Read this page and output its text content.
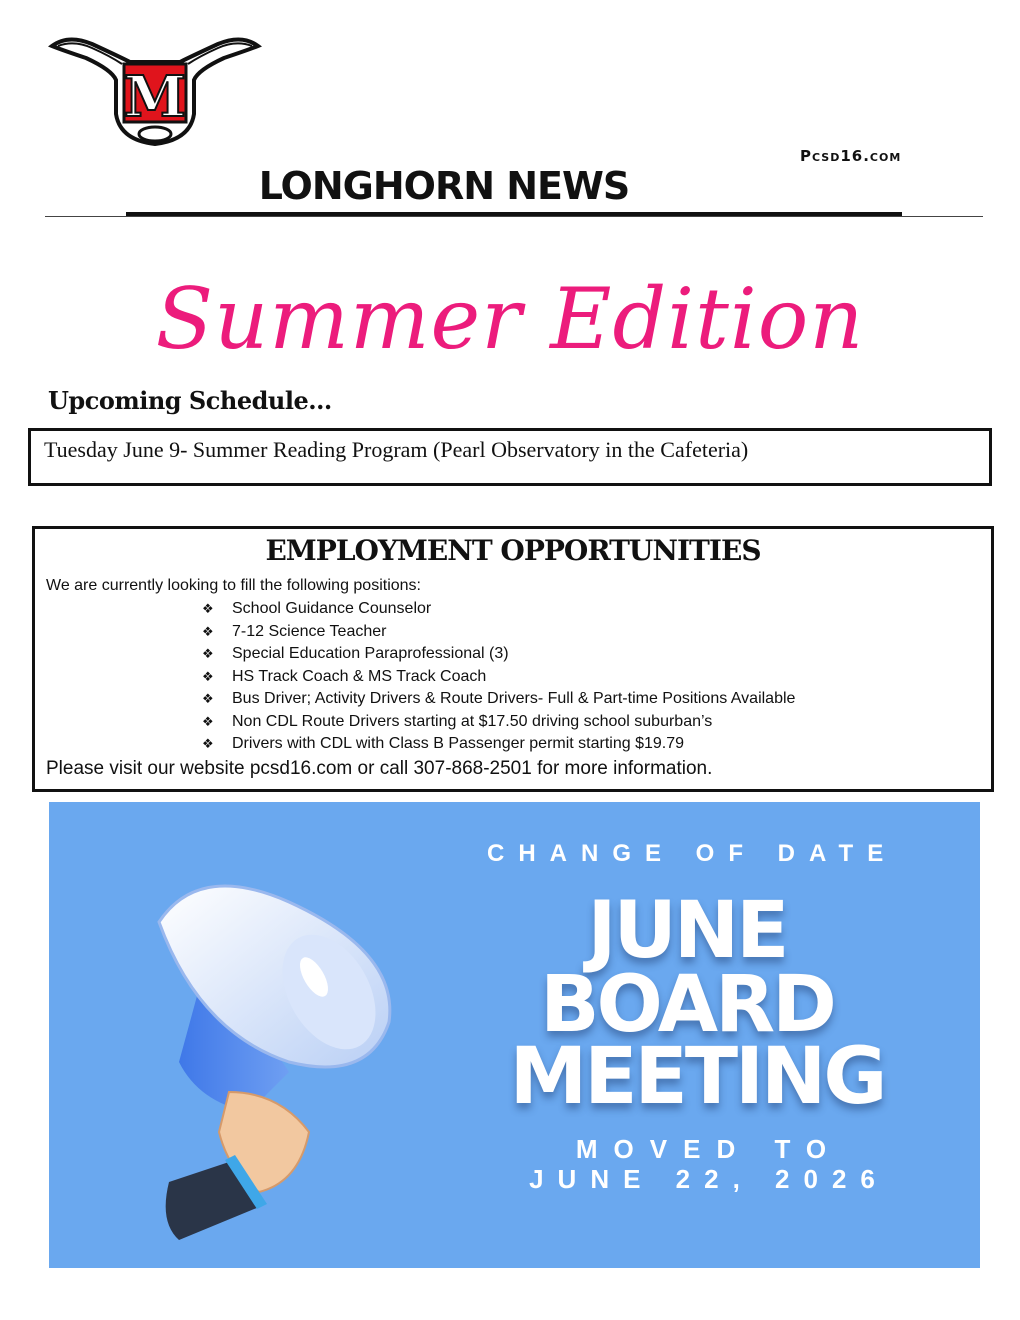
M
Pcsd16.com
LONGHORN NEWS
Summer Edition
Upcoming Schedule…
Tuesday June 9- Summer Reading Program (Pearl Observatory in the Cafeteria)
EMPLOYMENT OPPORTUNITIES
We are currently looking to fill the following positions:
❖	School Guidance Counselor
❖	7-12 Science Teacher
❖	Special Education Paraprofessional (3)
❖	HS Track Coach & MS Track Coach
❖	Bus Driver; Activity Drivers & Route Drivers- Full & Part-time Positions Available
❖	Non CDL Route Drivers starting at $17.50 driving school suburban’s
❖	Drivers with CDL with Class B Passenger permit starting $19.79
Please visit our website pcsd16.com or call 307-868-2501 for more information.
CHANGE OF DATE
JUNE
BOARD
MEETING
MOVED TO
JUNE 22, 2026
